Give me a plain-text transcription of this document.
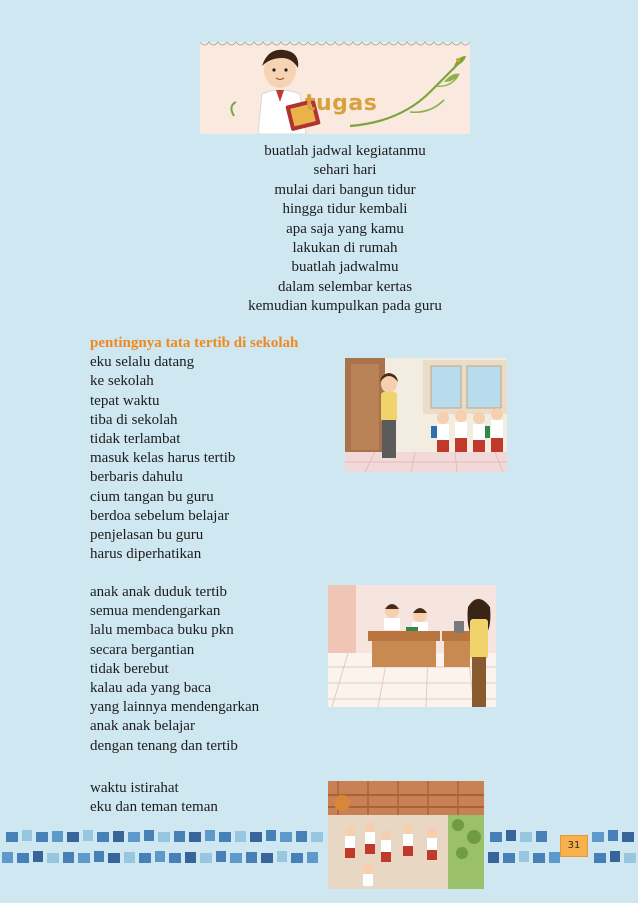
tugas
buatlah jadwal kegiatanmu
sehari hari
mulai dari bangun tidur
hingga tidur kembali
apa saja yang kamu
lakukan di rumah
buatlah jadwalmu
dalam selembar kertas
kemudian kumpulkan pada guru
pentingnya tata tertib di sekolah
eku selalu datang
ke sekolah
tepat waktu
tiba di sekolah
tidak terlambat
masuk kelas harus tertib
berbaris dahulu
cium tangan bu guru
berdoa sebelum belajar
penjelasan bu guru
harus diperhatikan
anak anak duduk tertib
semua mendengarkan
lalu membaca buku pkn
secara bergantian
tidak berebut
kalau ada yang baca
yang lainnya mendengarkan
anak anak belajar
dengan tenang dan tertib
waktu istirahat
eku dan teman teman
31
